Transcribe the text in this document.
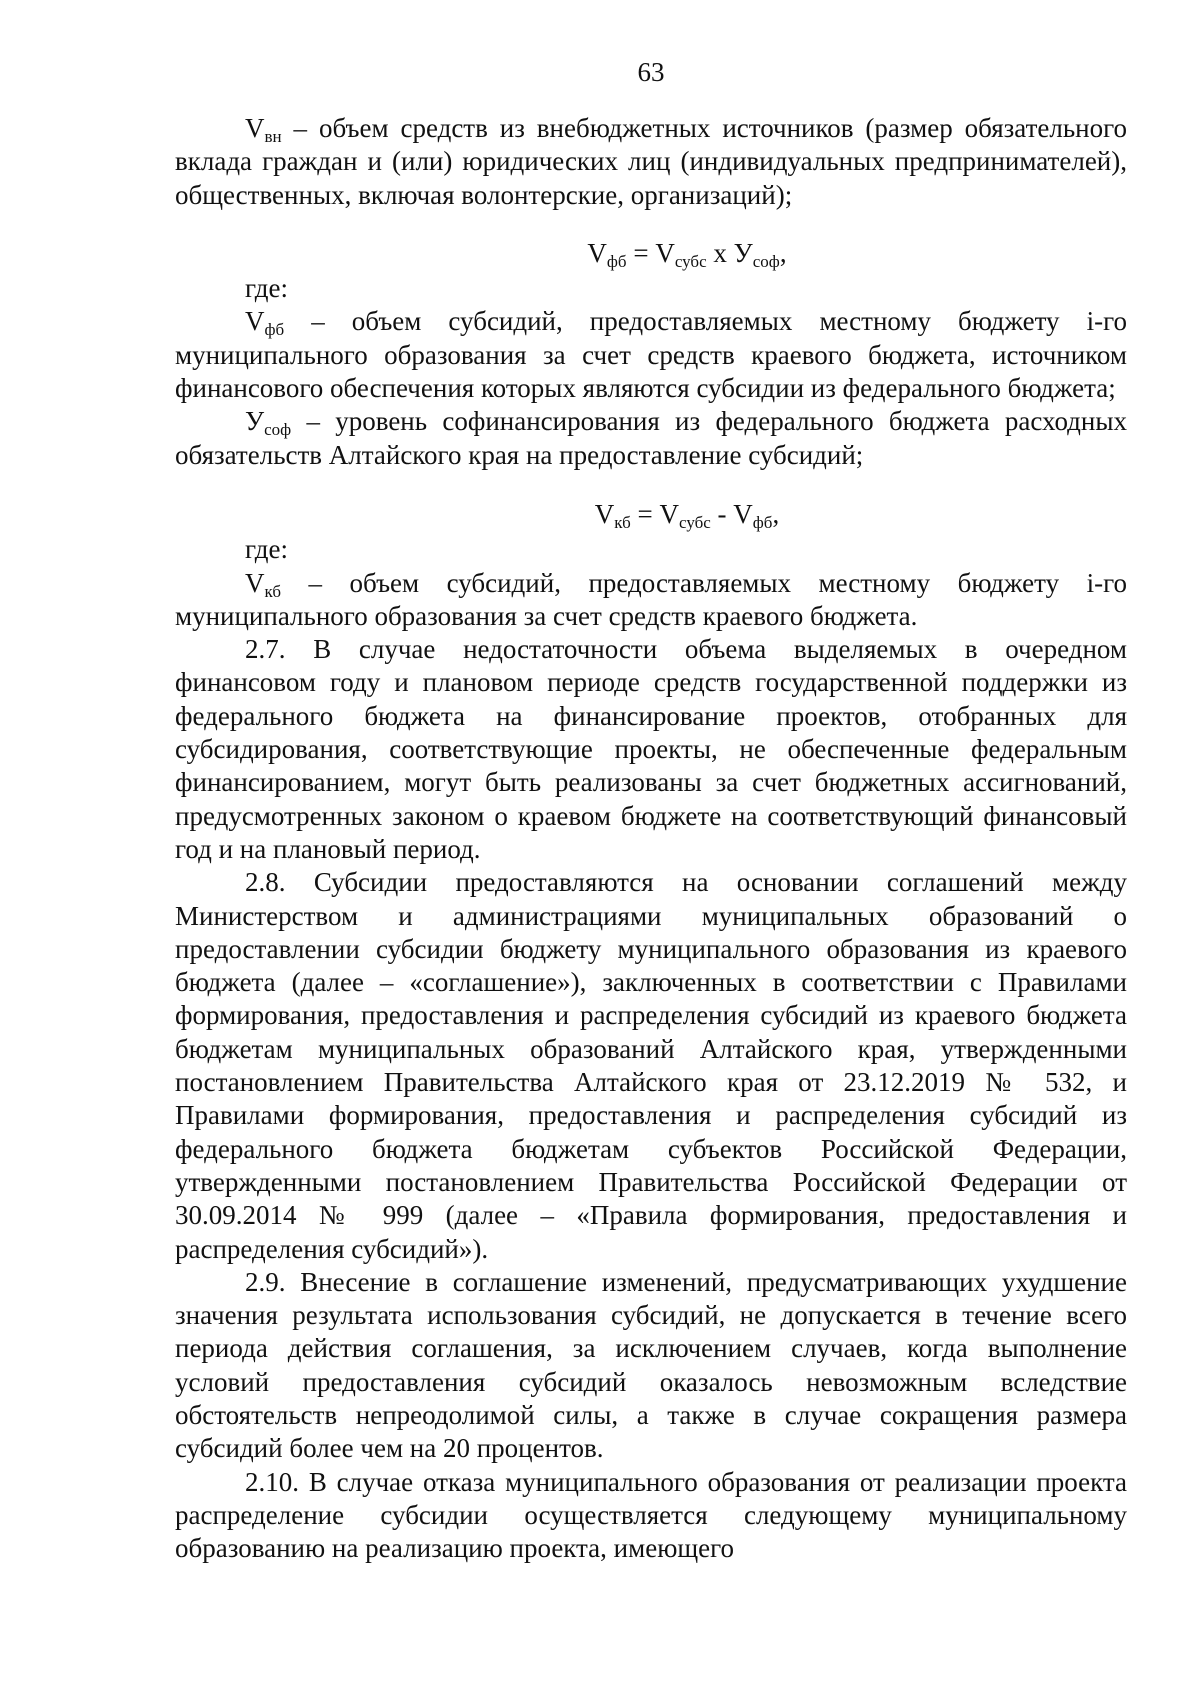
63

$V_{вн}$ – объем средств из внебюджетных источников (размер обязательного вклада граждан и (или) юридических лиц (индивидуальных предпринимателей), общественных, включая волонтерские, организаций);

$V_{фб} = V_{субс}$ х $У_{соф}$,

где:

$V_{фб}$ – объем субсидий, предоставляемых местному бюджету і-го муниципального образования за счет средств краевого бюджета, источником финансового обеспечения которых являются субсидии из федерального бюджета;

$У_{соф}$ – уровень софинансирования из федерального бюджета расходных обязательств Алтайского края на предоставление субсидий;

$V_{кб} = V_{субс} - V_{фб}$,

где:

$V_{кб}$ – объем субсидий, предоставляемых местному бюджету і-го муниципального образования за счет средств краевого бюджета.

2.7. В случае недостаточности объема выделяемых в очередном финансовом году и плановом периоде средств государственной поддержки из федерального бюджета на финансирование проектов, отобранных для субсидирования, соответствующие проекты, не обеспеченные федеральным финансированием, могут быть реализованы за счет бюджетных ассигнований, предусмотренных законом о краевом бюджете на соответствующий финансовый год и на плановый период.

2.8. Субсидии предоставляются на основании соглашений между Министерством и администрациями муниципальных образований о предоставлении субсидии бюджету муниципального образования из краевого бюджета (далее – «соглашение»), заключенных в соответствии с Правилами формирования, предоставления и распределения субсидий из краевого бюджета бюджетам муниципальных образований Алтайского края, утвержденными постановлением Правительства Алтайского края от 23.12.2019 № 532, и Правилами формирования, предоставления и распределения субсидий из федерального бюджета бюджетам субъектов Российской Федерации, утвержденными постановлением Правительства Российской Федерации от 30.09.2014 № 999 (далее – «Правила формирования, предоставления и распределения субсидий»).

2.9. Внесение в соглашение изменений, предусматривающих ухудшение значения результата использования субсидий, не допускается в течение всего периода действия соглашения, за исключением случаев, когда выполнение условий предоставления субсидий оказалось невозможным вследствие обстоятельств непреодолимой силы, а также в случае сокращения размера субсидий более чем на 20 процентов.

2.10. В случае отказа муниципального образования от реализации проекта распределение субсидии осуществляется следующему муниципальному образованию на реализацию проекта, имеющего
